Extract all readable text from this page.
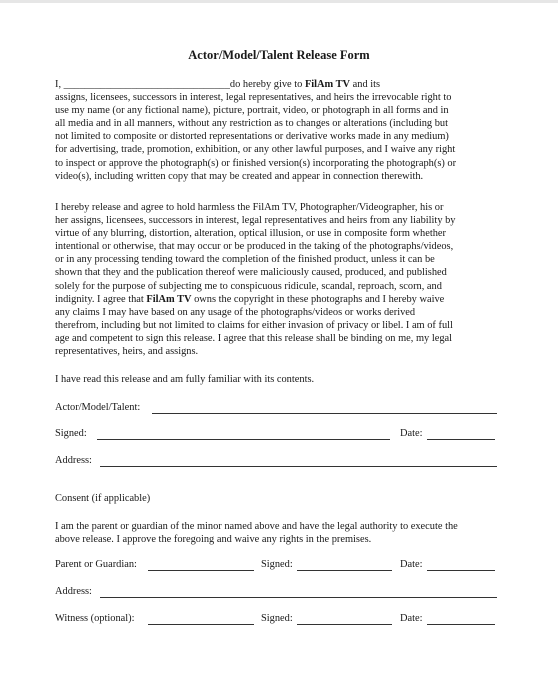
Actor/Model/Talent Release Form
I, ________________________________do hereby give to FilAm TV and its
assigns, licensees, successors in interest, legal representatives, and heirs the irrevocable right to
use my name (or any fictional name), picture, portrait, video, or photograph in all forms and in
all media and in all manners, without any restriction as to changes or alterations (including but
not limited to composite or distorted representations or derivative works made in any medium)
for advertising, trade, promotion, exhibition, or any other lawful purposes, and I waive any right
to inspect or approve the photograph(s) or finished version(s) incorporating the photograph(s) or
video(s), including written copy that may be created and appear in connection therewith.
I hereby release and agree to hold harmless the FilAm TV, Photographer/Videographer, his or
her assigns, licensees, successors in interest, legal representatives and heirs from any liability by
virtue of any blurring, distortion, alteration, optical illusion, or use in composite form whether
intentional or otherwise, that may occur or be produced in the taking of the photographs/videos,
or in any processing tending toward the completion of the finished product, unless it can be
shown that they and the publication thereof were maliciously caused, produced, and published
solely for the purpose of subjecting me to conspicuous ridicule, scandal, reproach, scorn, and
indignity. I agree that FilAm TV owns the copyright in these photographs and I hereby waive
any claims I may have based on any usage of the photographs/videos or works derived
therefrom, including but not limited to claims for either invasion of privacy or libel. I am of full
age and competent to sign this release. I agree that this release shall be binding on me, my legal
representatives, heirs, and assigns.
I have read this release and am fully familiar with its contents.
Actor/Model/Talent:
Signed:	Date:
Address:
Consent (if applicable)
I am the parent or guardian of the minor named above and have the legal authority to execute the
above release. I approve the foregoing and waive any rights in the premises.
Parent or Guardian:	Signed:	Date:
Address:
Witness (optional):	Signed:	Date:
